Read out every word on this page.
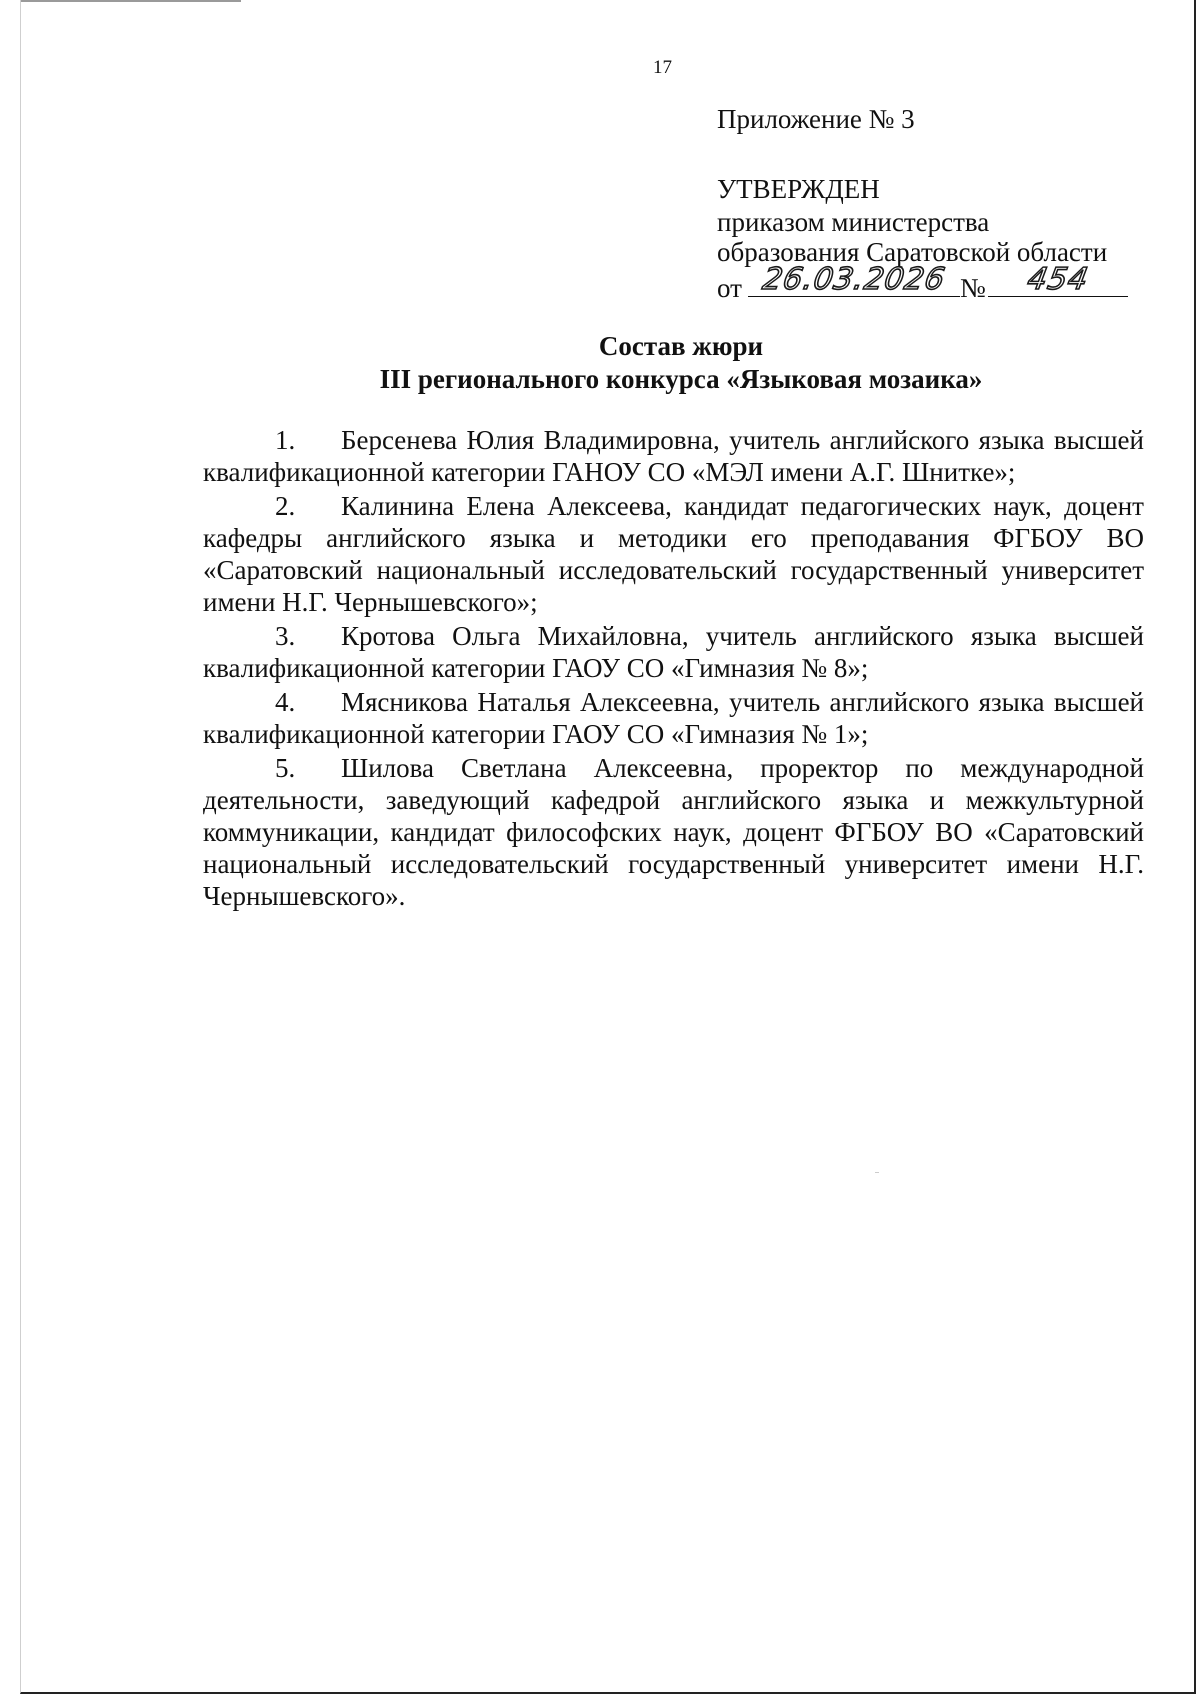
17
Приложение № 3
УТВЕРЖДЕН
приказом министерства
образования Саратовской области
от 26.03.2026 №	454
Состав жюри
III регионального конкурса «Языковая мозаика»

1. Берсенева Юлия Владимировна, учитель английского языка высшей квалификационной категории ГАНОУ СО «МЭЛ имени А.Г. Шнитке»;

2. Калинина Елена Алексеева, кандидат педагогических наук, доцент кафедры английского языка и методики его преподавания ФГБОУ ВО «Саратовский национальный исследовательский государственный университет имени Н.Г. Чернышевского»;

3. Кротова Ольга Михайловна, учитель английского языка высшей квалификационной категории ГАОУ СО «Гимназия № 8»;

4. Мясникова Наталья Алексеевна, учитель английского языка высшей квалификационной категории ГАОУ СО «Гимназия № 1»;

5. Шилова Светлана Алексеевна, проректор по международной деятельности, заведующий кафедрой английского языка и межкультурной коммуникации, кандидат философских наук, доцент ФГБОУ ВО «Саратовский национальный исследовательский государственный университет имени Н.Г. Чернышевского».
